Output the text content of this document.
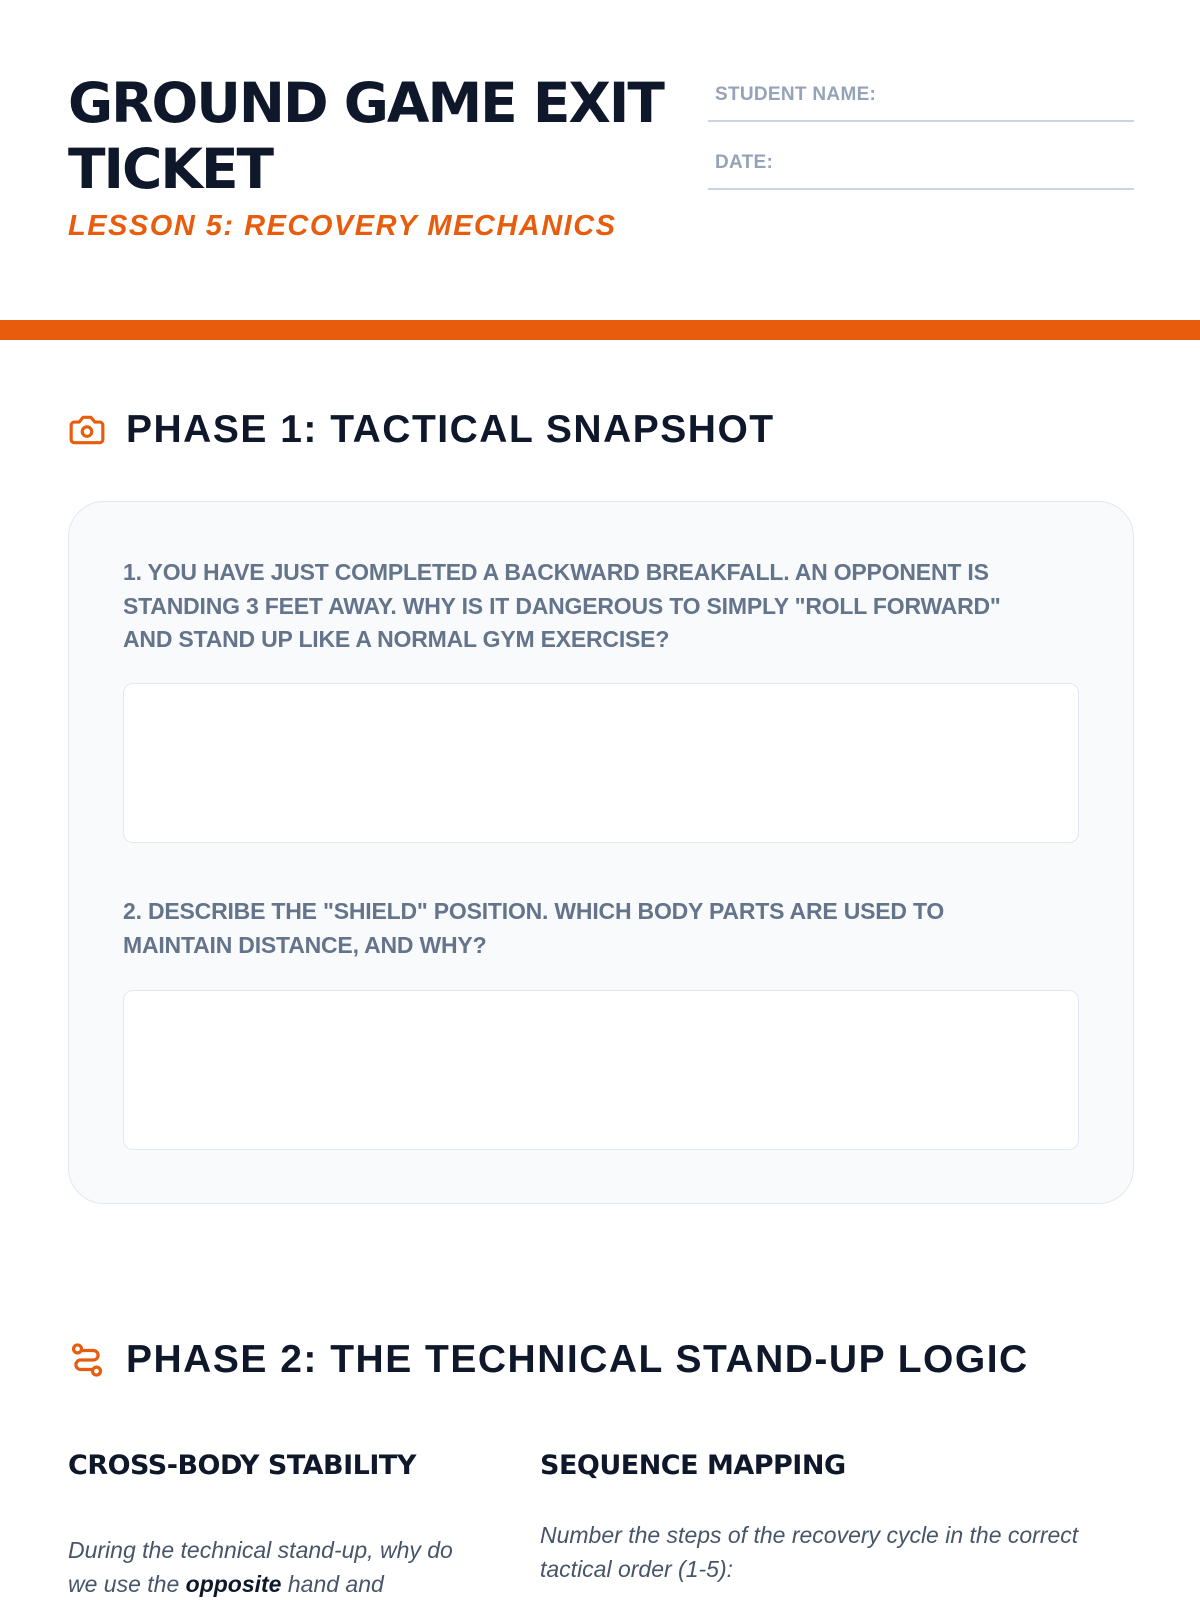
GROUND GAME EXIT TICKET
LESSON 5: RECOVERY MECHANICS
STUDENT NAME:
DATE:
PHASE 1: TACTICAL SNAPSHOT
1. YOU HAVE JUST COMPLETED A BACKWARD BREAKFALL. AN OPPONENT IS STANDING 3 FEET AWAY. WHY IS IT DANGEROUS TO SIMPLY "ROLL FORWARD" AND STAND UP LIKE A NORMAL GYM EXERCISE?
2. DESCRIBE THE "SHIELD" POSITION. WHICH BODY PARTS ARE USED TO MAINTAIN DISTANCE, AND WHY?
PHASE 2: THE TECHNICAL STAND-UP LOGIC
CROSS-BODY STABILITY	SEQUENCE MAPPING
During the technical stand-up, why do we use the opposite hand and
Number the steps of the recovery cycle in the correct tactical order (1-5):
